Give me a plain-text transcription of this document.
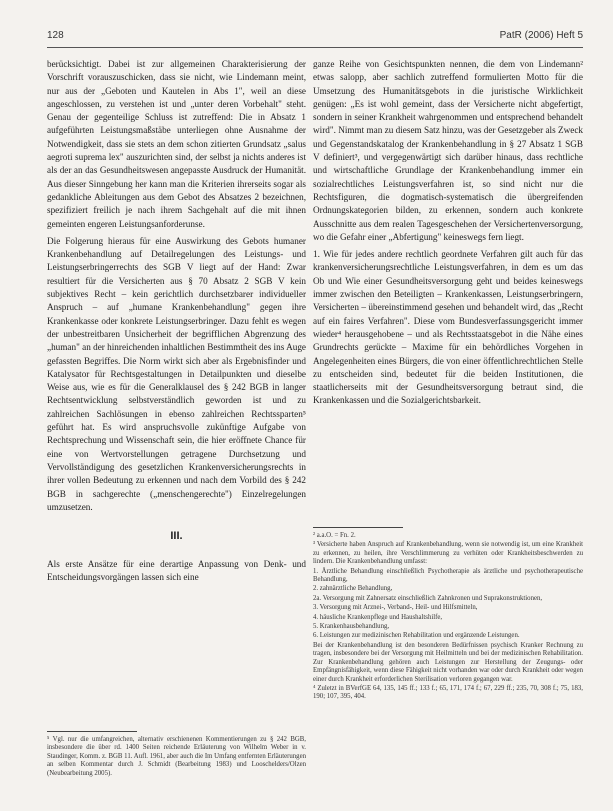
128	PatR (2006) Heft 5

berücksichtigt. Dabei ist zur allgemeinen Charakterisierung der Vorschrift vorauszuschicken, dass sie nicht, wie Lindemann meint, nur aus der „Geboten und Kautelen in Abs 1", weil an diese angeschlossen, zu verstehen ist und „unter deren Vorbehalt" steht. Genau der gegenteilige Schluss ist zutreffend: Die in Absatz 1 aufgeführten Leistungsmaßstäbe unterliegen ohne Ausnahme der Notwendigkeit, dass sie stets an dem schon zitierten Grundsatz „salus aegroti suprema lex" auszurichten sind, der selbst ja nichts anderes ist als der an das Gesundheitswesen angepasste Ausdruck der Humanität. Aus dieser Sinngebung her kann man die Kriterien ihrerseits sogar als gedankliche Ableitungen aus dem Gebot des Absatzes 2 bezeichnen, spezifiziert freilich je nach ihrem Sachgehalt auf die mit ihnen gemeinten engeren Leistungsanforderunse.

Die Folgerung hieraus für eine Auswirkung des Gebots humaner Krankenbehandlung auf Detailregelungen des Leistungs- und Leistungserbringerrechts des SGB V liegt auf der Hand: Zwar resultiert für die Versicherten aus § 70 Absatz 2 SGB V kein subjektives Recht – kein gerichtlich durchsetzbarer individueller Anspruch – auf „humane Krankenbehandlung" gegen ihre Krankenkasse oder konkrete Leistungserbringer. Dazu fehlt es wegen der unbestreitbaren Unsicherheit der begrifflichen Abgrenzung des „human" an der hinreichenden inhaltlichen Bestimmtheit des ins Auge gefassten Begriffes. Die Norm wirkt sich aber als Ergebnisfinder und Katalysator für Rechtsgestaltungen in Detailpunkten und dieselbe Weise aus, wie es für die Generalklausel des § 242 BGB in langer Rechtsentwicklung selbstverständlich geworden ist und zu zahlreichen Sachlösungen in ebenso zahlreichen Rechtssparten⁵ geführt hat. Es wird anspruchsvolle zukünftige Aufgabe von Rechtsprechung und Wissenschaft sein, die hier eröffnete Chance für eine von Wertvorstellungen getragene Durchsetzung und Vervollständigung des gesetzlichen Krankenversicherungsrechts in ihrer vollen Bedeutung zu erkennen und nach dem Vorbild des § 242 BGB in sachgerechte („menschengerechte") Einzelregelungen umzusetzen.

III.

Als erste Ansätze für eine derartige Anpassung von Denk- und Entscheidungsvorgängen lassen sich eine

⁵ Vgl. nur die umfangreichen, alternativ erschienenen Kommentierungen zu § 242 BGB, insbesondere die über rd. 1400 Seiten reichende Erläuterung von Wilhelm Weber in v. Staudinger, Komm. z. BGB 11. Aufl. 1961, aber auch die Im Umfang entfernten Erläuterungen an selben Kommentar durch J. Schmidt (Bearbeitung 1983) und Looschelders/Olzen (Neubearbeitung 2005).

ganze Reihe von Gesichtspunkten nennen, die dem von Lindemann² etwas salopp, aber sachlich zutreffend formulierten Motto für die Umsetzung des Humanitätsgebots in die juristische Wirklichkeit genügen: „Es ist wohl gemeint, dass der Versicherte nicht abgefertigt, sondern in seiner Krankheit wahrgenommen und entsprechend behandelt wird". Nimmt man zu diesem Satz hinzu, was der Gesetzgeber als Zweck und Gegenstandskatalog der Krankenbehandlung in § 27 Absatz 1 SGB V definiert³, und vergegenwärtigt sich darüber hinaus, dass rechtliche und wirtschaftliche Grundlage der Krankenbehandlung immer ein sozialrechtliches Leistungsverfahren ist, so sind nicht nur die Rechtsfiguren, die dogmatisch-systematisch die übergreifenden Ordnungskategorien bilden, zu erkennen, sondern auch konkrete Ausschnitte aus dem realen Tagesgeschehen der Versichertenversorgung, wo die Gefahr einer „Abfertigung" keineswegs fern liegt.

1. Wie für jedes andere rechtlich geordnete Verfahren gilt auch für das krankenversicherungsrechtliche Leistungsverfahren, in dem es um das Ob und Wie einer Gesundheitsversorgung geht und beides keineswegs immer zwischen den Beteiligten – Krankenkassen, Leistungserbringern, Versicherten – übereinstimmend gesehen und behandelt wird, das „Recht auf ein faires Verfahren". Diese vom Bundesverfassungsgericht immer wieder⁴ herausgehobene – und als Rechtsstaatsgebot in die Nähe eines Grundrechts gerückte – Maxime für ein behördliches Vorgehen in Angelegenheiten eines Bürgers, die von einer öffentlichrechtlichen Stelle zu entscheiden sind, bedeutet für die beiden Institutionen, die staatlicherseits mit der Gesundheitsversorgung betraut sind, die Krankenkassen und die Sozialgerichtsbarkeit.

² a.a.O. = Fn. 2.

³ Versicherte haben Anspruch auf Krankenbehandlung, wenn sie notwendig ist, um eine Krankheit zu erkennen, zu heilen, ihre Verschlimmerung zu verhüten oder Krankheitsbeschwerden zu lindern. Die Krankenbehandlung umfasst:

1. Ärztliche Behandlung einschließlich Psychotherapie als ärztliche und psychotherapeutische Behandlung,

2. zahnärztliche Behandlung,

2a. Versorgung mit Zahnersatz einschließlich Zahnkronen und Suprakonstruktionen,

3. Versorgung mit Arznei-, Verband-, Heil- und Hilfsmitteln,

4. häusliche Krankenpflege und Haushaltshilfe,

5. Krankenhausbehandlung,

6. Leistungen zur medizinischen Rehabilitation und ergänzende Leistungen.

Bei der Krankenbehandlung ist den besonderen Bedürfnissen psychisch Kranker Rechnung zu tragen, insbesondere bei der Versorgung mit Heilmitteln und bei der medizinischen Rehabilitation. Zur Krankenbehandlung gehören auch Leistungen zur Herstellung der Zeugungs- oder Empfängnisfähigkeit, wenn diese Fähigkeit nicht vorhanden war oder durch Krankheit oder wegen einer durch Krankheit erforderlichen Sterilisation verloren gegangen war.

⁴ Zuletzt in BVerfGE 64, 135, 145 ff.; 133 f.; 65, 171, 174 f.; 67, 229 ff.; 235, 70, 308 f.; 75, 183, 190; 107, 395, 404.
